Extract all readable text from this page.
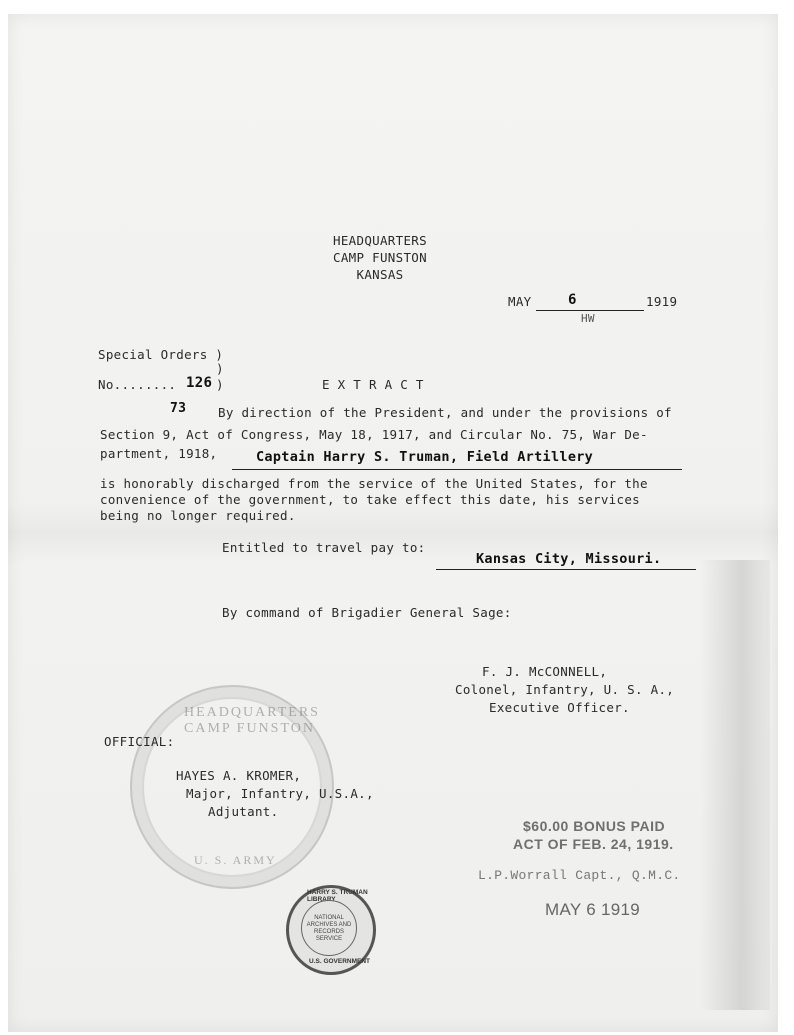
HEADQUARTERS
CAMP FUNSTON
KANSAS
MAY	6	1919
HW
Special Orders )
)
No........ 126 )	E X T R A C T
73	By direction of the President, and under the provisions of
Section 9, Act of Congress, May 18, 1917, and Circular No. 75, War De-
partment, 1918,	Captain Harry S. Truman, Field Artillery
is honorably discharged from the service of the United States, for the
convenience of the government, to take effect this date, his services
being no longer required.
Entitled to travel pay to:
Kansas City, Missouri.
By command of Brigadier General Sage:
F. J. McCONNELL,
Colonel, Infantry, U. S. A.,
Executive Officer.
HEADQUARTERS CAMP FUNSTON
U. S. ARMY
OFFICIAL:
HAYES A. KROMER,
Major, Infantry, U.S.A.,
Adjutant.
$60.00 BONUS PAID
ACT OF FEB. 24, 1919.
L.P.Worrall Capt., Q.M.C.
MAY 6 1919
HARRY S. TRUMAN LIBRARY
NATIONAL ARCHIVES AND RECORDS SERVICE
U.S. GOVERNMENT
